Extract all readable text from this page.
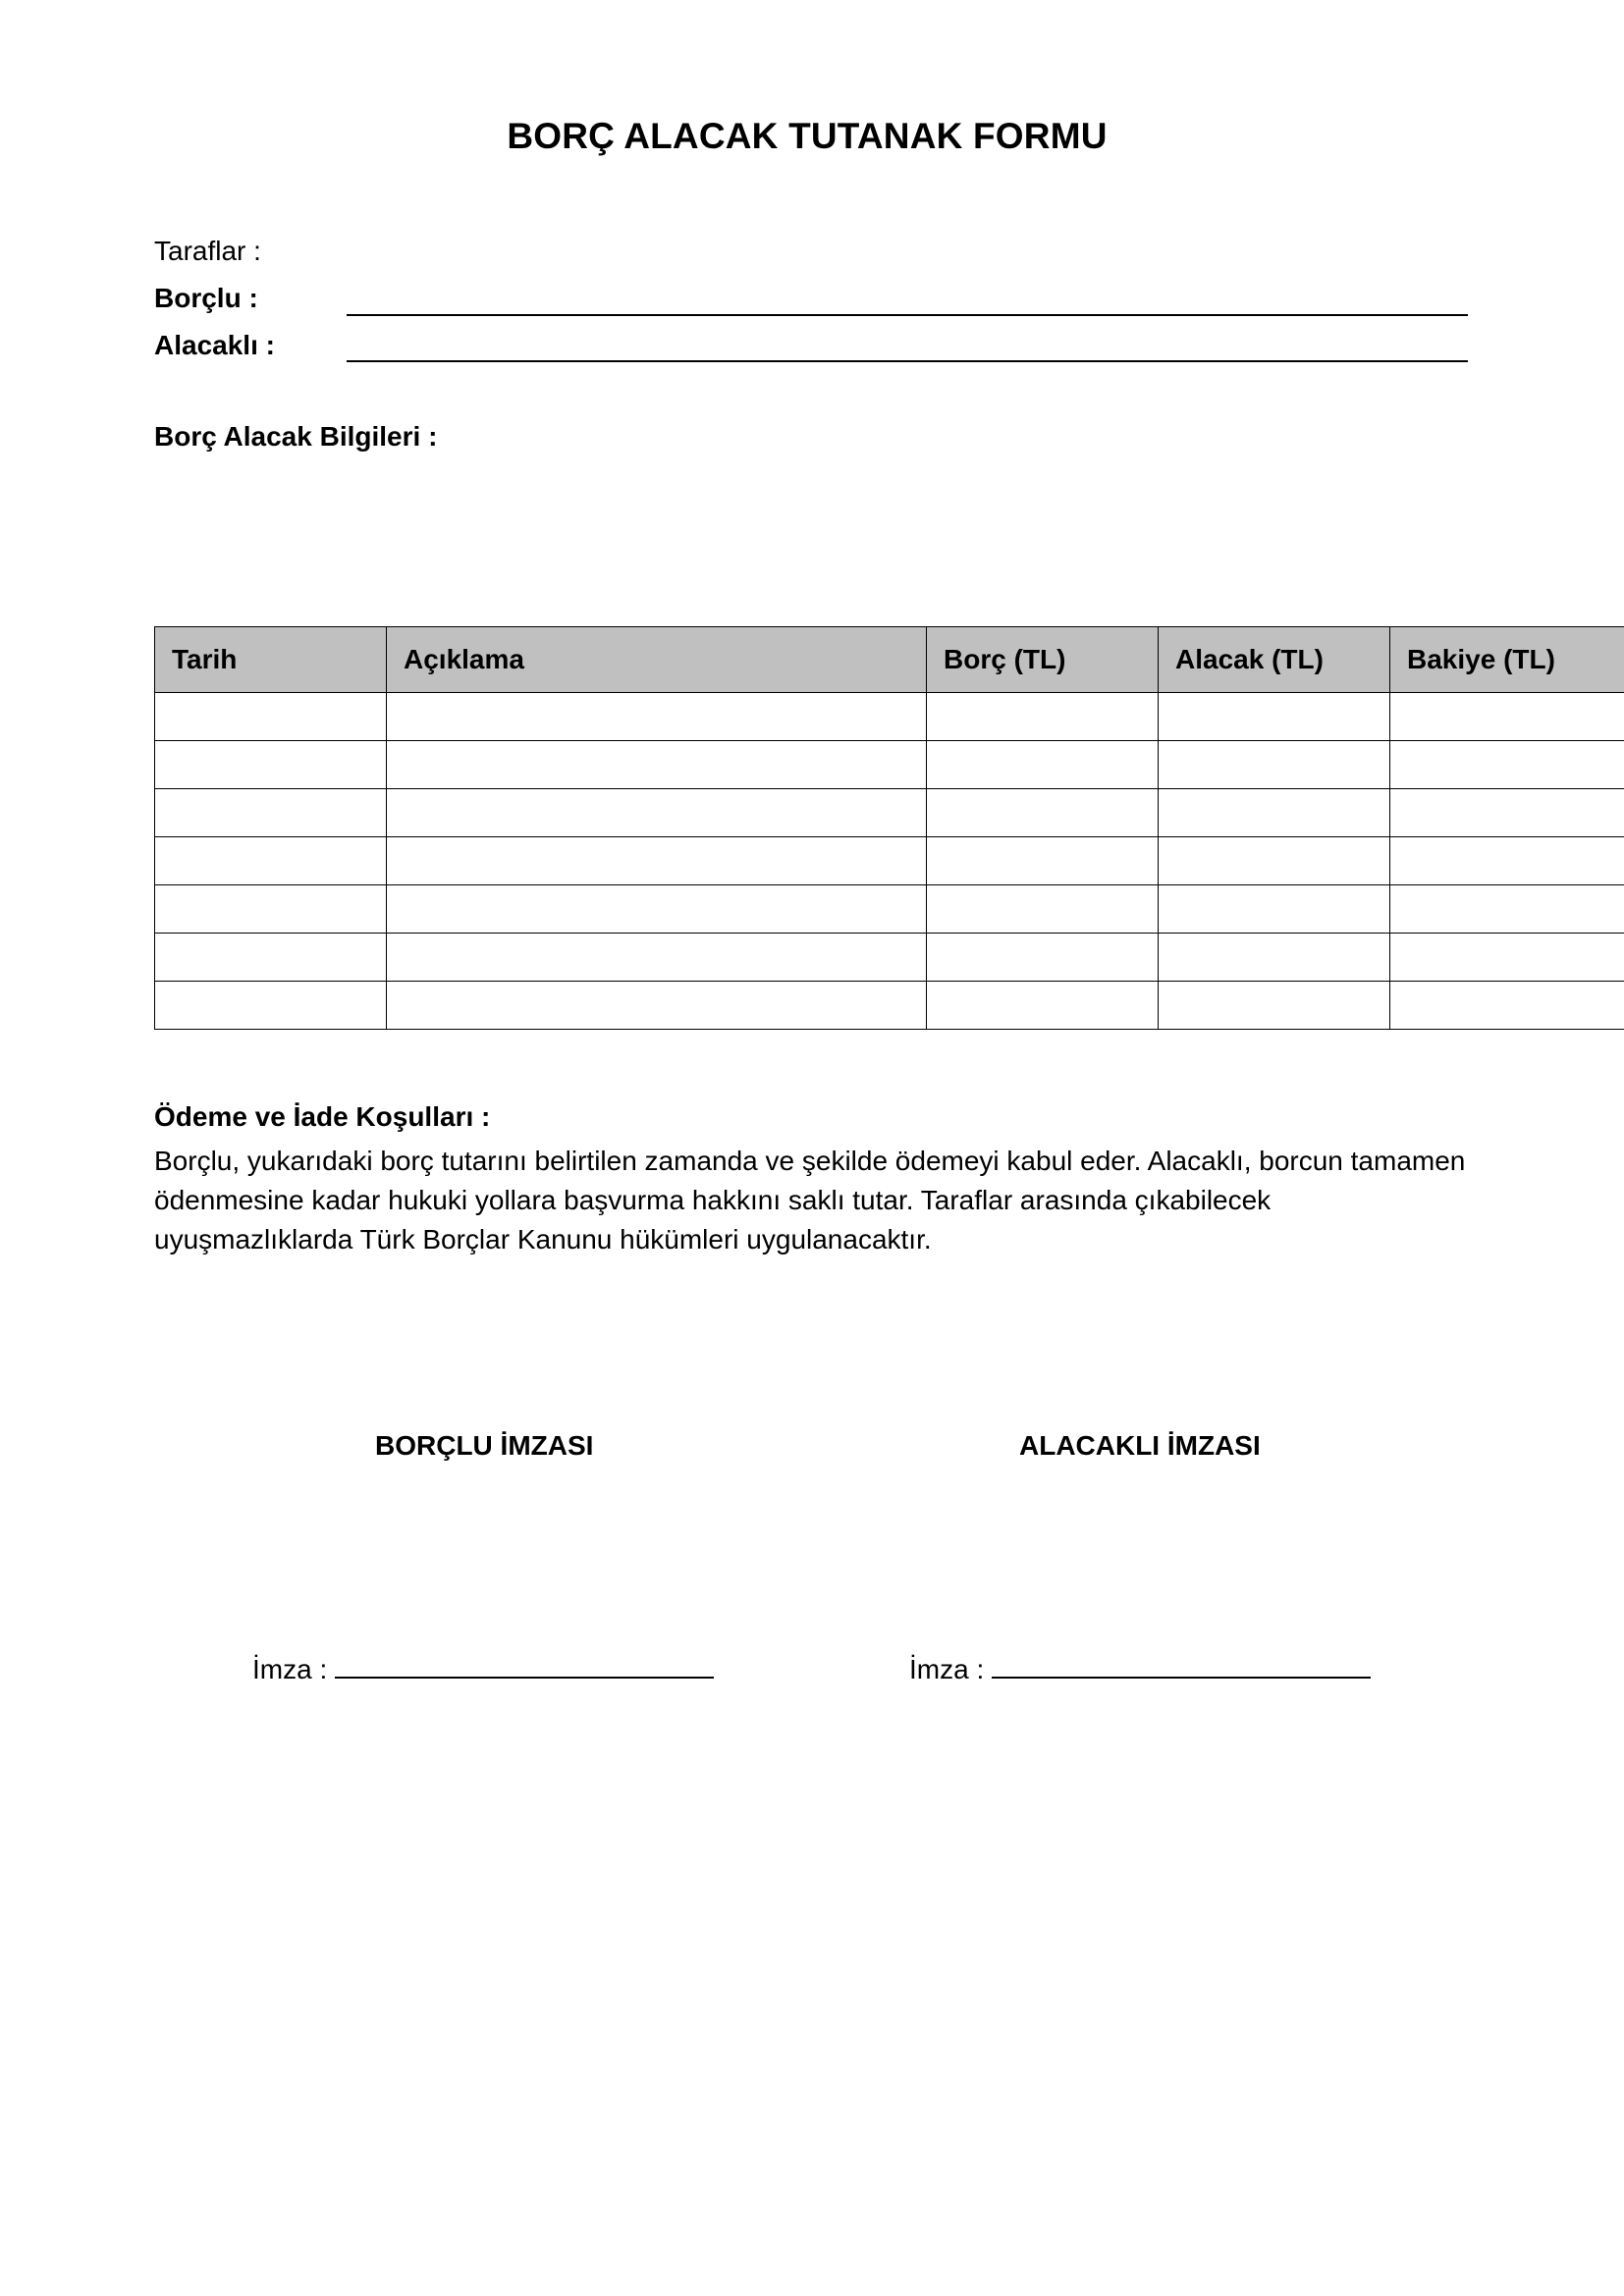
BORÇ ALACAK TUTANAK FORMU
Taraflar :
Borçlu :
Alacaklı :
Borç Alacak Bilgileri :
Tarih	Açıklama	Borç (TL)	Alacak (TL)	Bakiye (TL)

Ödeme ve İade Koşulları :
Borçlu, yukarıdaki borç tutarını belirtilen zamanda ve şekilde ödemeyi kabul eder. Alacaklı, borcun tamamen
ödenmesine kadar hukuki yollara başvurma hakkını saklı tutar. Taraflar arasında çıkabilecek
uyuşmazlıklarda Türk Borçlar Kanunu hükümleri uygulanacaktır.
BORÇLU İMZASI	ALACAKLI İMZASI
İmza :	İmza :
